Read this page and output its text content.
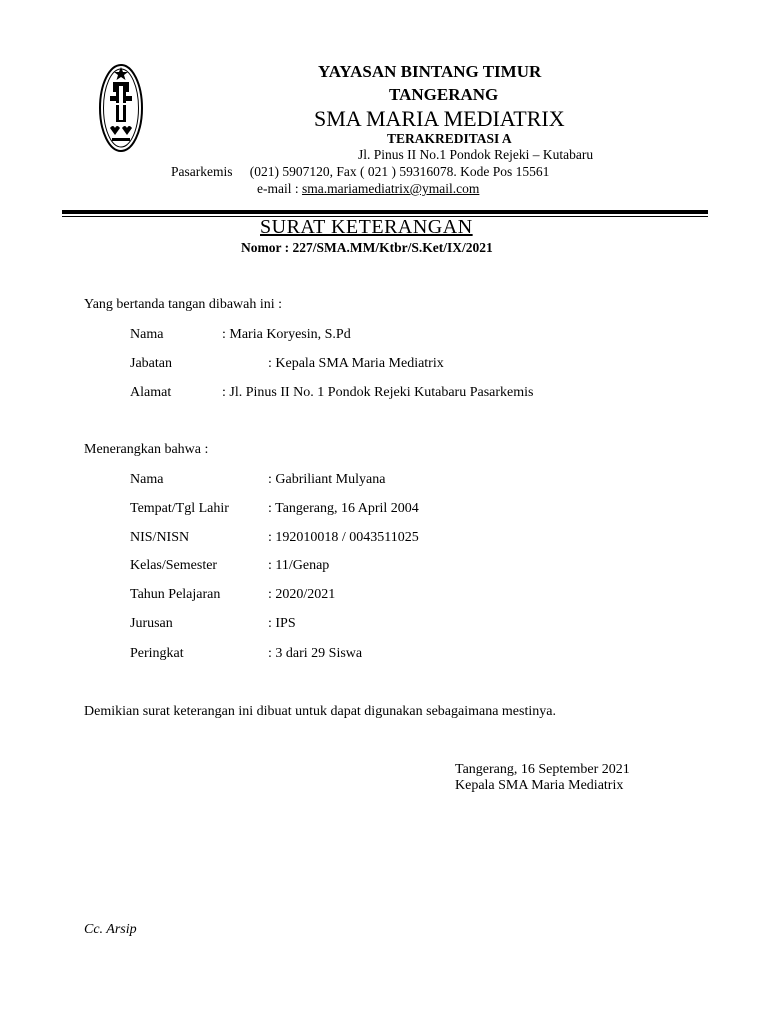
YAYASAN BINTANG TIMUR
TANGERANG
SMA MARIA MEDIATRIX
TERAKREDITASI A
Jl. Pinus II No.1 Pondok Rejeki – Kutabaru
Pasarkemis   (021) 5907120, Fax ( 021 ) 59316078. Kode Pos 15561
e-mail : sma.mariamediatrix@ymail.com
SURAT KETERANGAN
Nomor : 227/SMA.MM/Ktbr/S.Ket/IX/2021
Yang bertanda tangan dibawah ini :
Nama	: Maria Koryesin, S.Pd
Jabatan	: Kepala SMA Maria Mediatrix
Alamat	: Jl. Pinus II No. 1 Pondok Rejeki Kutabaru Pasarkemis
Menerangkan bahwa :
Nama	: Gabriliant Mulyana
Tempat/Tgl Lahir	: Tangerang, 16 April 2004
NIS/NISN	: 192010018 / 0043511025
Kelas/Semester	: 11/Genap
Tahun Pelajaran	: 2020/2021
Jurusan	: IPS
Peringkat	: 3 dari 29 Siswa
Demikian surat keterangan ini dibuat untuk dapat digunakan sebagaimana mestinya.
Tangerang, 16 September 2021
Kepala SMA Maria Mediatrix
Cc. Arsip
